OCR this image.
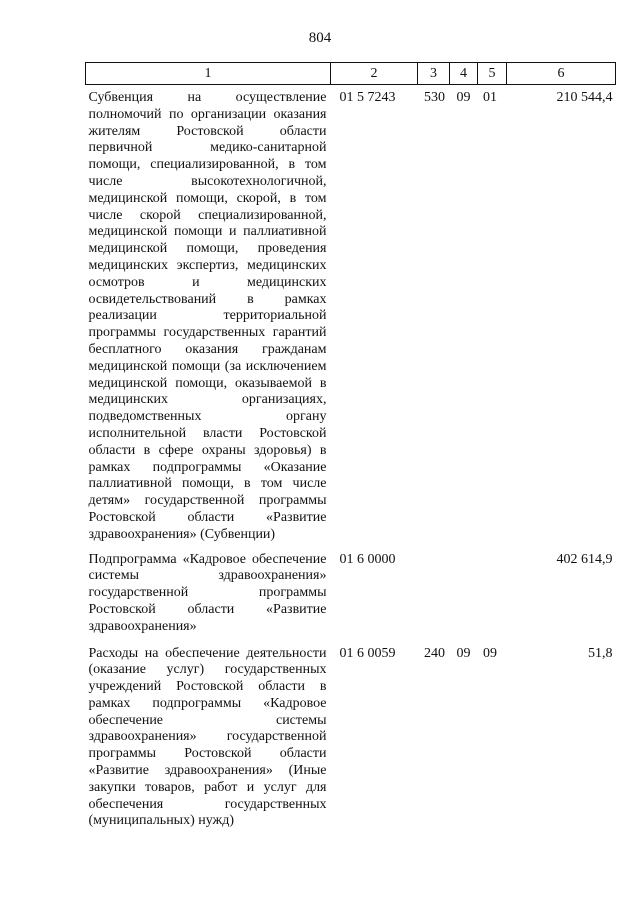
804
1	2	3	4	5	6
Субвенция на осуществление полномочий по организации оказания жителям Ростовской области первичной медико-санитарной помощи, специализированной, в том числе высокотехнологичной, медицинской помощи, скорой, в том числе скорой специализированной, медицинской помощи и паллиативной медицинской помощи, проведения медицинских экспертиз, медицинских осмотров и медицинских освидетельствований в рамках реализации территориальной программы государственных гарантий бесплатного оказания гражданам медицинской помощи (за исключением медицинской помощи, оказываемой в медицинских организациях, подведомственных органу исполнительной власти Ростовской области в сфере охраны здоровья) в рамках подпрограммы «Оказание паллиативной помощи, в том числе детям» государственной программы Ростовской области «Развитие здравоохранения» (Субвенции)	01 5 7243	530	09	01	210 544,4
Подпрограмма «Кадровое обеспечение системы здравоохранения» государственной программы Ростовской области «Развитие здравоохранения»	01 6 0000				402 614,9
Расходы на обеспечение деятельности (оказание услуг) государственных учреждений Ростовской области в рамках подпрограммы «Кадровое обеспечение системы здравоохранения» государственной программы Ростовской области «Развитие здравоохранения» (Иные закупки товаров, работ и услуг для обеспечения государственных (муниципальных) нужд)	01 6 0059	240	09	09	51,8
